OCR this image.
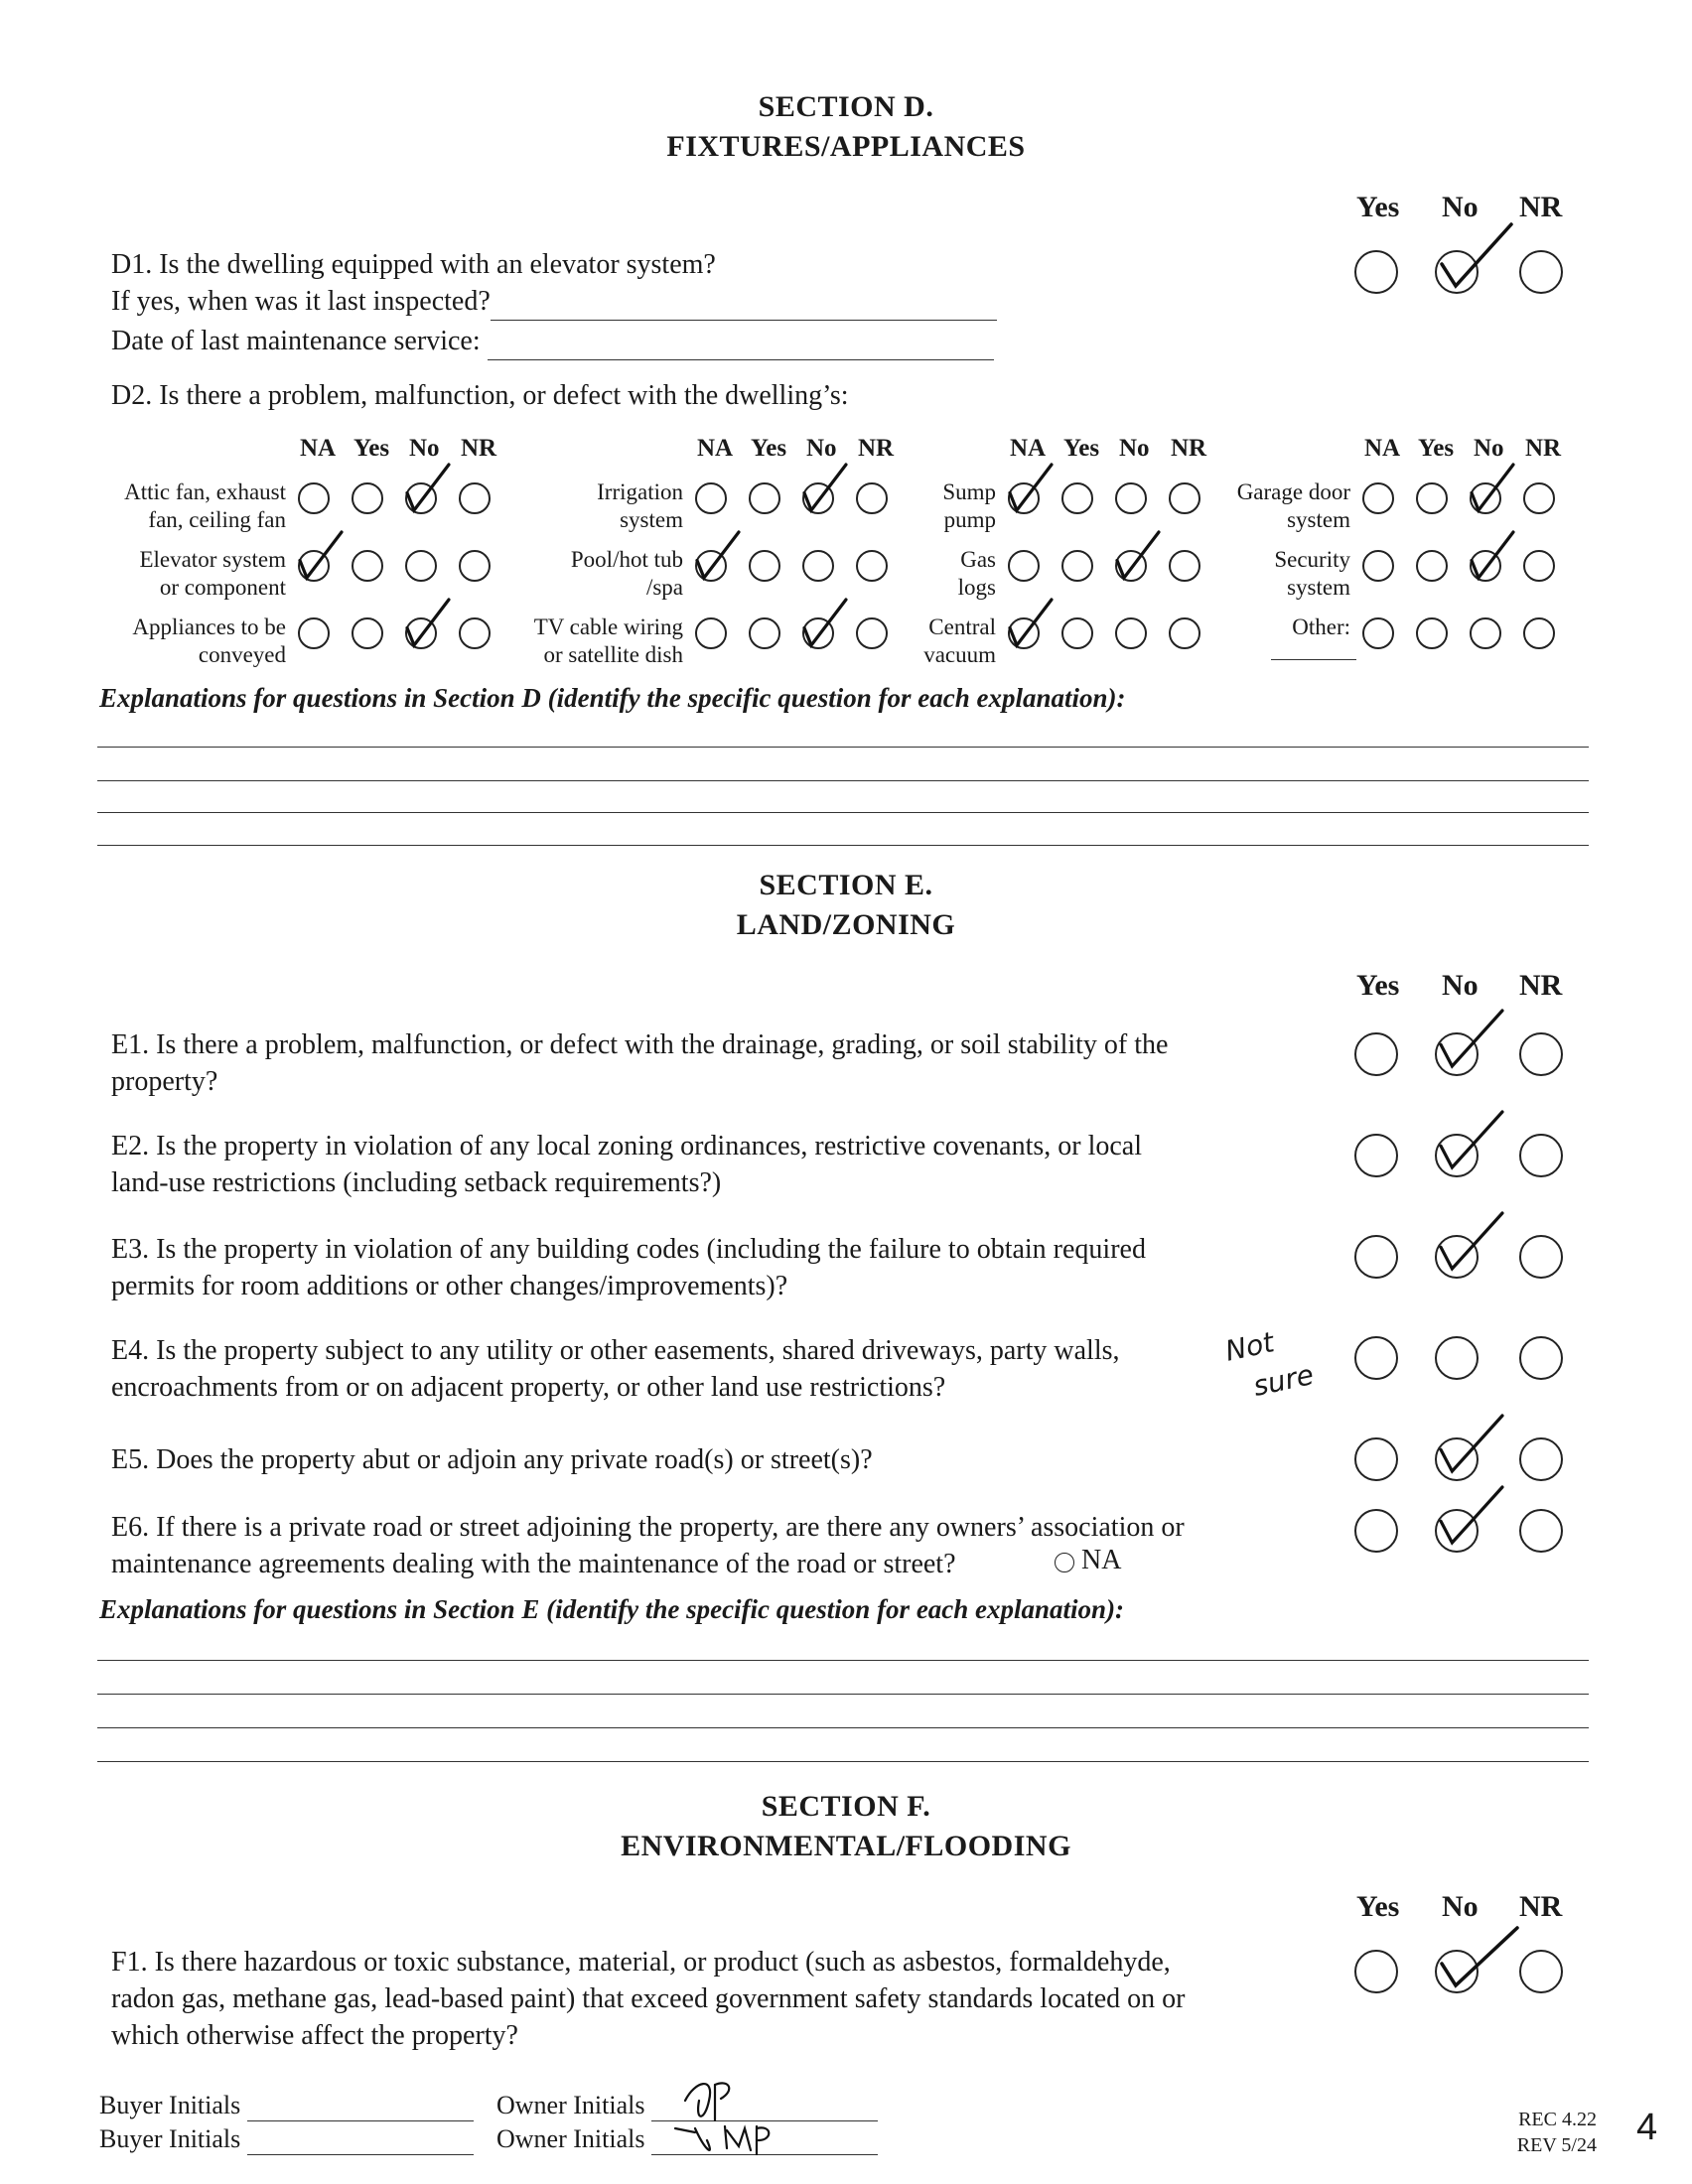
SECTION D.
FIXTURES/APPLIANCES
Yes No NR
D1. Is the dwelling equipped with an elevator system?
If yes, when was it last inspected?
Date of last maintenance service:
D2. Is there a problem, malfunction, or defect with the dwelling’s:
NA Yes No NR
Attic fan, exhaust
fan, ceiling fan
Elevator system
or component
Appliances to be
conveyed
NA Yes No NR
Irrigation
system
Pool/hot tub
/spa
TV cable wiring
or satellite dish
NA Yes No NR
Sump
pump
Gas
logs
Central
vacuum
NA Yes No NR
Garage door
system
Security
system
Other:
Explanations for questions in Section D (identify the specific question for each explanation):
SECTION E.
LAND/ZONING
Yes No NR
E1. Is there a problem, malfunction, or defect with the drainage, grading, or soil stability of the
property?
E2. Is the property in violation of any local zoning ordinances, restrictive covenants, or local
land-use restrictions (including setback requirements?)
E3. Is the property in violation of any building codes (including the failure to obtain required
permits for room additions or other changes/improvements)?
E4. Is the property subject to any utility or other easements, shared driveways, party walls,
encroachments from or on adjacent property, or other land use restrictions?
E5. Does the property abut or adjoin any private road(s) or street(s)?
E6. If there is a private road or street adjoining the property, are there any owners’ association or
maintenance agreements dealing with the maintenance of the road or street?
Not
sure
NA
Explanations for questions in Section E (identify the specific question for each explanation):
SECTION F.
ENVIRONMENTAL/FLOODING
Yes No NR
F1. Is there hazardous or toxic substance, material, or product (such as asbestos, formaldehyde,
radon gas, methane gas, lead-based paint) that exceed government safety standards located on or
which otherwise affect the property?
Buyer Initials
Buyer Initials
Owner Initials
Owner Initials
REC 4.22
REV 5/24 4
